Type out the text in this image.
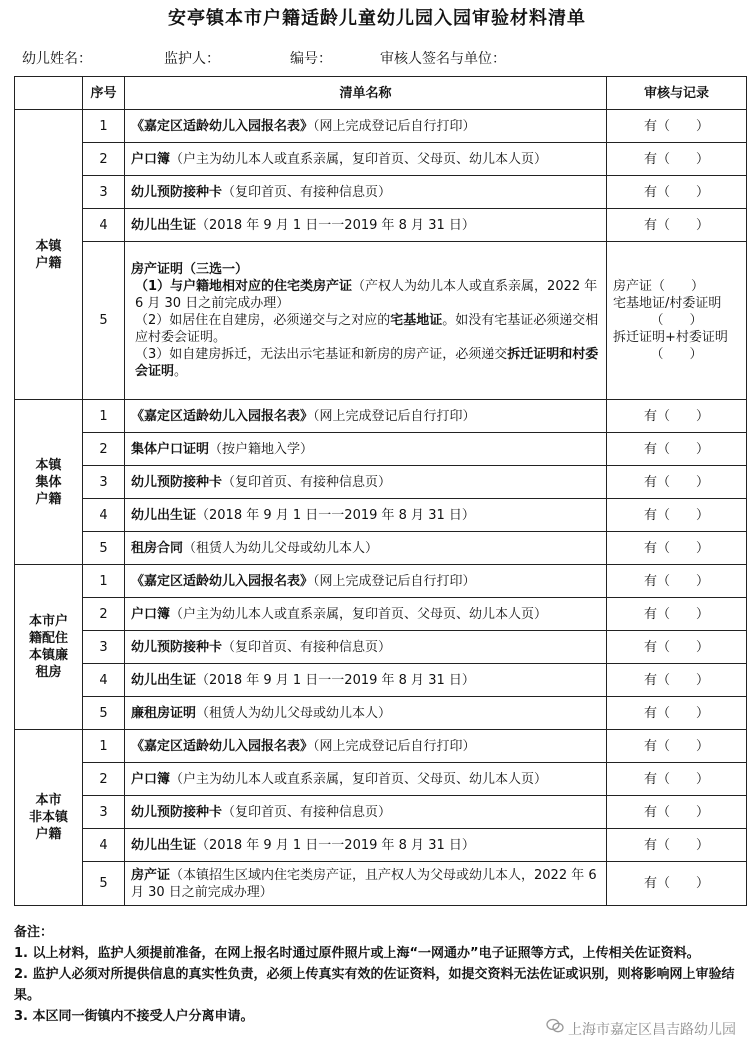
安亭镇本市户籍适龄儿童幼儿园入园审验材料清单
幼儿姓名：	监护人：	编号：	审核人签名与单位：
	序号	清单名称	审核与记录

本镇
户籍	1	《嘉定区适龄幼儿入园报名表》（网上完成登记后自行打印）	有（　　）
	2	户口簿（户主为幼儿本人或直系亲属，复印首页、父母页、幼儿本人页）	有（　　）
	3	幼儿预防接种卡（复印首页、有接种信息页）	有（　　）
	4	幼儿出生证（2018 年 9 月 1 日一一2019 年 8 月 31 日）	有（　　）
	5	房产证明（三选一）
（1）与户籍地相对应的住宅类房产证（产权人为幼儿本人或直系亲属，2022 年 6 月 30 日之前完成办理）
（2）如居住在自建房，必须递交与之对应的宅基地证。如没有宅基证必须递交相应村委会证明。
（3）如自建房拆迁，无法出示宅基证和新房的房产证，必须递交拆迁证明和村委会证明。	房产证（　　）
宅基地证/村委证明
（　　）
拆迁证明+村委证明
（　　）

本镇
集体
户籍	1	《嘉定区适龄幼儿入园报名表》（网上完成登记后自行打印）	有（　　）
	2	集体户口证明（按户籍地入学）	有（　　）
	3	幼儿预防接种卡（复印首页、有接种信息页）	有（　　）
	4	幼儿出生证（2018 年 9 月 1 日一一2019 年 8 月 31 日）	有（　　）
	5	租房合同（租赁人为幼儿父母或幼儿本人）	有（　　）

本市户
籍配住
本镇廉
租房	1	《嘉定区适龄幼儿入园报名表》（网上完成登记后自行打印）	有（　　）
	2	户口簿（户主为幼儿本人或直系亲属，复印首页、父母页、幼儿本人页）	有（　　）
	3	幼儿预防接种卡（复印首页、有接种信息页）	有（　　）
	4	幼儿出生证（2018 年 9 月 1 日一一2019 年 8 月 31 日）	有（　　）
	5	廉租房证明（租赁人为幼儿父母或幼儿本人）	有（　　）

本市
非本镇
户籍	1	《嘉定区适龄幼儿入园报名表》（网上完成登记后自行打印）	有（　　）
	2	户口簿（户主为幼儿本人或直系亲属，复印首页、父母页、幼儿本人页）	有（　　）
	3	幼儿预防接种卡（复印首页、有接种信息页）	有（　　）
	4	幼儿出生证（2018 年 9 月 1 日一一2019 年 8 月 31 日）	有（　　）
	5	房产证（本镇招生区域内住宅类房产证，且产权人为父母或幼儿本人，2022 年 6 月 30 日之前完成办理）	有（　　）
备注：
1. 以上材料，监护人须提前准备，在网上报名时通过原件照片或上海“一网通办”电子证照等方式，上传相关佐证资料。
2. 监护人必须对所提供信息的真实性负责，必须上传真实有效的佐证资料，如提交资料无法佐证或识别，则将影响网上审验结果。
3. 本区同一街镇内不接受人户分离申请。
上海市嘉定区昌吉路幼儿园
